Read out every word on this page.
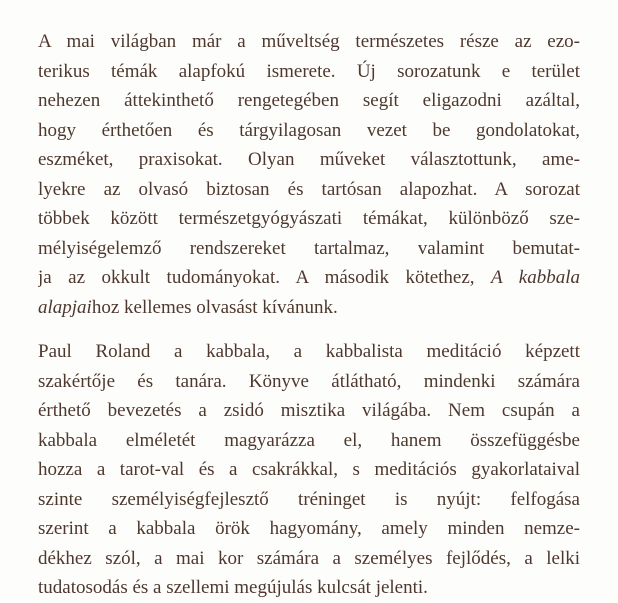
A mai világban már a műveltség természetes része az ezo-
terikus témák alapfokú ismerete. Új sorozatunk e terület
nehezen áttekinthető rengetegében segít eligazodni azáltal,
hogy érthetően és tárgyilagosan vezet be gondolatokat,
eszméket, praxisokat. Olyan műveket választottunk, ame-
lyekre az olvasó biztosan és tartósan alapozhat. A sorozat
többek között természetgyógyászati témákat, különböző sze-
mélyiségelemző rendszereket tartalmaz, valamint bemutat-
ja az okkult tudományokat. A második kötethez, A kabbala
alapjaihoz kellemes olvasást kívánunk.
Paul Roland a kabbala, a kabbalista meditáció képzett
szakértője és tanára. Könyve átlátható, mindenki számára
érthető bevezetés a zsidó misztika világába. Nem csupán a
kabbala elméletét magyarázza el, hanem összefüggésbe
hozza a tarot-val és a csakrákkal, s meditációs gyakorlataival
szinte személyiségfejlesztő tréninget is nyújt: felfogása
szerint a kabbala örök hagyomány, amely minden nemze-
dékhez szól, a mai kor számára a személyes fejlődés, a lelki
tudatosodás és a szellemi megújulás kulcsát jelenti.
